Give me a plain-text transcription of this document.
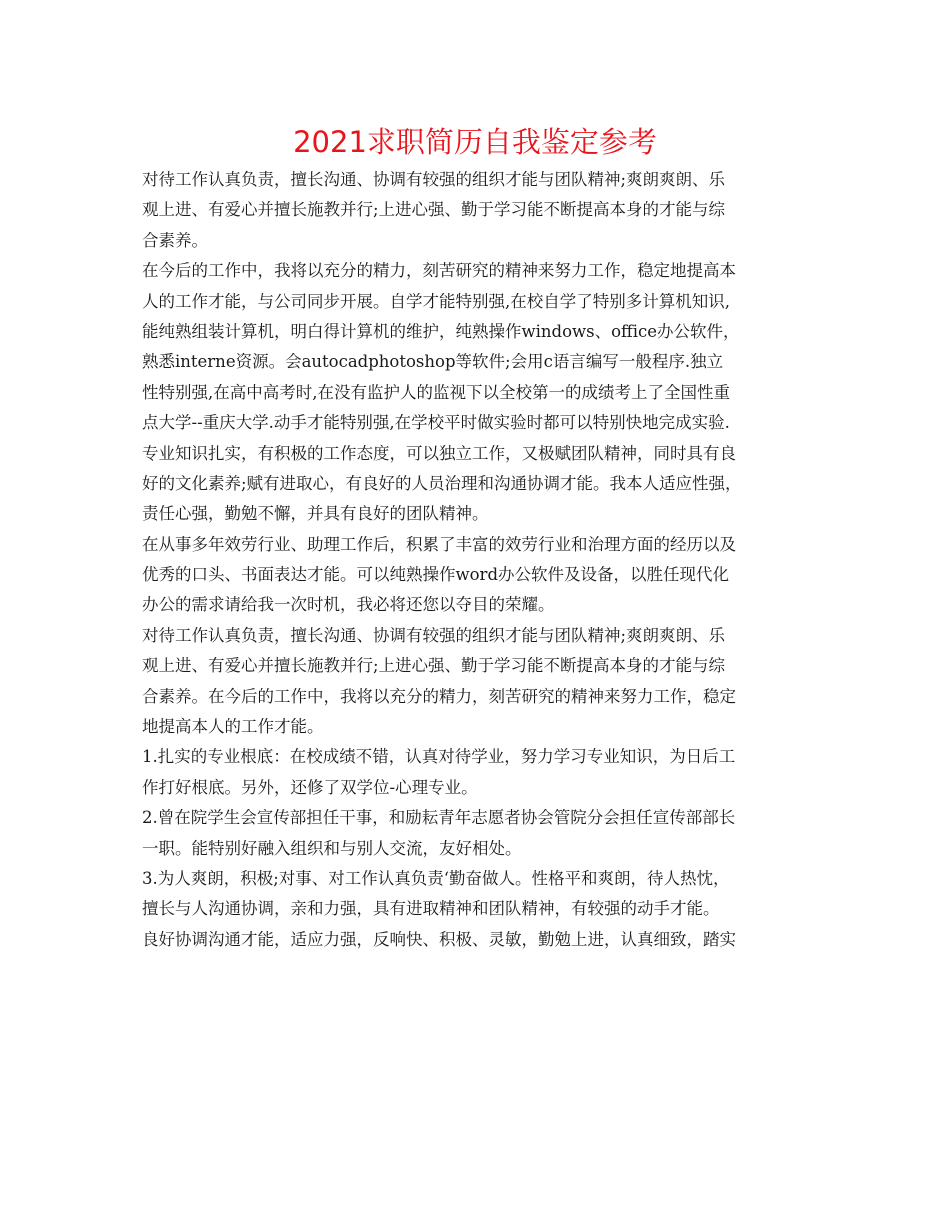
2021求职简历自我鉴定参考
对待工作认真负责，擅长沟通、协调有较强的组织才能与团队精神;爽朗爽朗、乐
观上进、有爱心并擅长施教并行;上进心强、勤于学习能不断提高本身的才能与综
合素养。
在今后的工作中，我将以充分的精力，刻苦研究的精神来努力工作，稳定地提高本
人的工作才能，与公司同步开展。自学才能特别强,在校自学了特别多计算机知识,
能纯熟组装计算机，明白得计算机的维护，纯熟操作windows、office办公软件，
熟悉interne资源。会autocadphotoshop等软件;会用c语言编写一般程序.独立
性特别强,在高中高考时,在没有监护人的监视下以全校第一的成绩考上了全国性重
点大学--重庆大学.动手才能特别强,在学校平时做实验时都可以特别快地完成实验.
专业知识扎实，有积极的工作态度，可以独立工作，又极赋团队精神，同时具有良
好的文化素养;赋有进取心，有良好的人员治理和沟通协调才能。我本人适应性强，
责任心强，勤勉不懈，并具有良好的团队精神。
在从事多年效劳行业、助理工作后，积累了丰富的效劳行业和治理方面的经历以及
优秀的口头、书面表达才能。可以纯熟操作word办公软件及设备，以胜任现代化
办公的需求请给我一次时机，我必将还您以夺目的荣耀。
对待工作认真负责，擅长沟通、协调有较强的组织才能与团队精神;爽朗爽朗、乐
观上进、有爱心并擅长施教并行;上进心强、勤于学习能不断提高本身的才能与综
合素养。在今后的工作中，我将以充分的精力，刻苦研究的精神来努力工作，稳定
地提高本人的工作才能。
1.扎实的专业根底：在校成绩不错，认真对待学业，努力学习专业知识，为日后工
作打好根底。另外，还修了双学位-心理专业。
2.曾在院学生会宣传部担任干事，和励耘青年志愿者协会管院分会担任宣传部部长
一职。能特别好融入组织和与别人交流，友好相处。
3.为人爽朗，积极;对事、对工作认真负责‘勤奋做人。性格平和爽朗，待人热忱，
擅长与人沟通协调，亲和力强，具有进取精神和团队精神，有较强的动手才能。
良好协调沟通才能，适应力强，反响快、积极、灵敏，勤勉上进，认真细致，踏实
